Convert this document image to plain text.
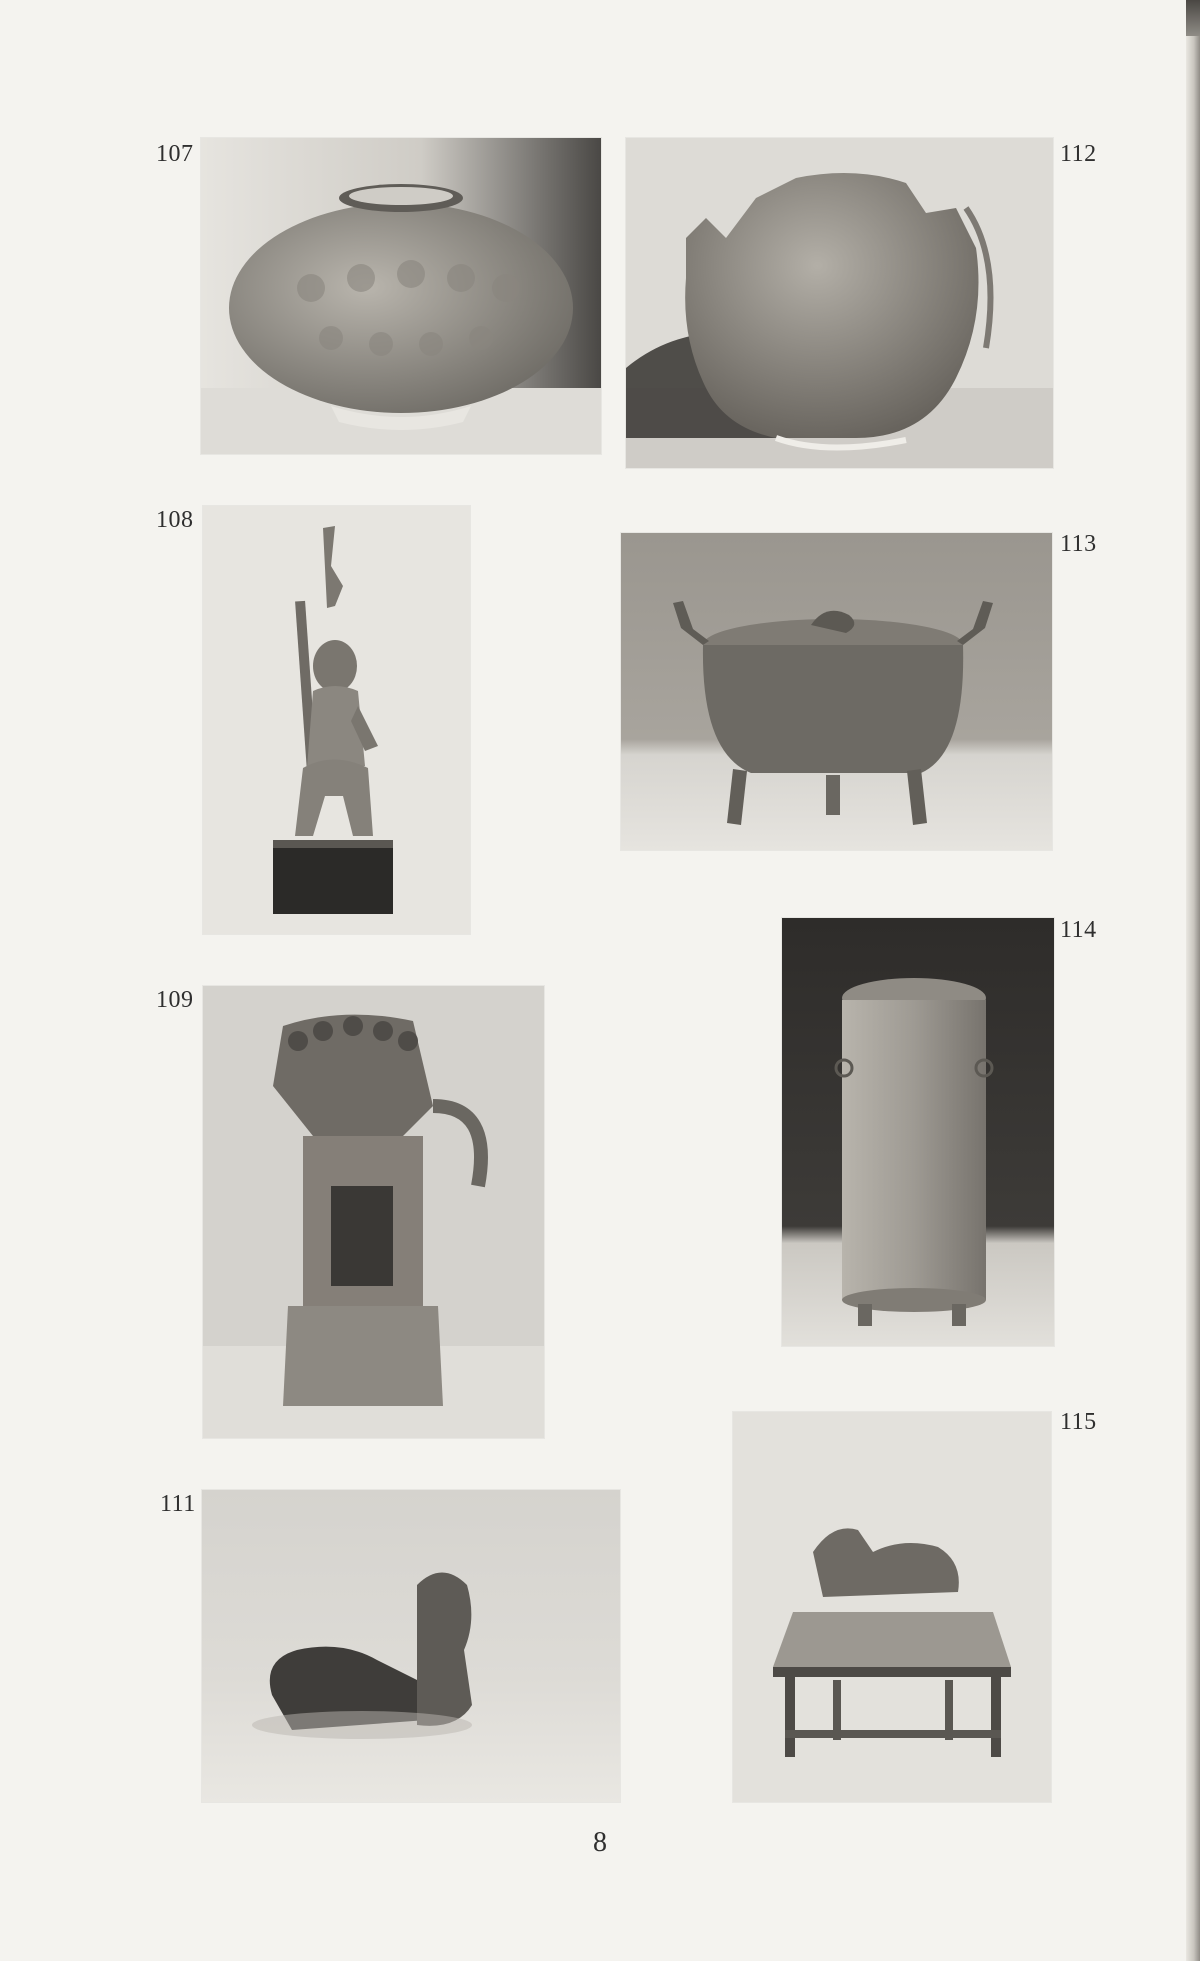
107	112
108
113
114
109
115
111
8
